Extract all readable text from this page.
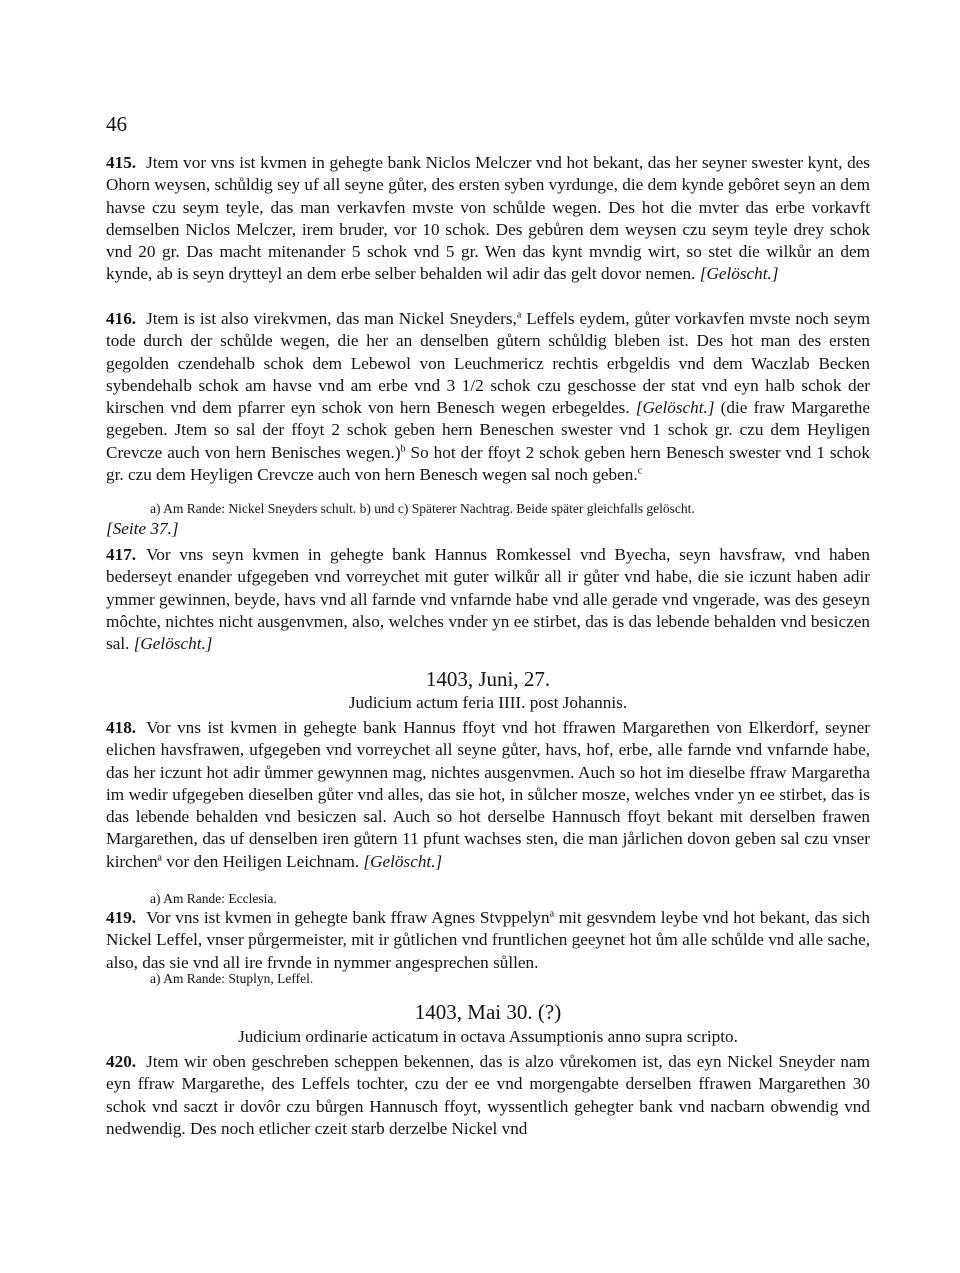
46
415. Jtem vor vns ist kvmen in gehegte bank Niclos Melczer vnd hot bekant, das her seyner swester kynt, des Ohorn weysen, schůldig sey uf all seyne gůter, des ersten syben vyrdunge, die dem kynde gebôret seyn an dem havse czu seym teyle, das man verkavfen mvste von schůlde wegen. Des hot die mvter das erbe vorkavft demselben Niclos Melczer, irem bruder, vor 10 schok. Des gebůren dem weysen czu seym teyle drey schok vnd 20 gr. Das macht mitenander 5 schok vnd 5 gr. Wen das kynt mvndig wirt, so stet die wilkůr an dem kynde, ab is seyn drytteyl an dem erbe selber behalden wil adir das gelt dovor nemen. [Gelöscht.]
416. Jtem is ist also virekvmen, das man Nickel Sneyders,$^a$ Leffels eydem, gůter vorkavfen mvste noch seym tode durch der schůlde wegen, die her an denselben gůtern schůldig bleben ist. Des hot man des ersten gegolden czendehalb schok dem Lebewol von Leuchmericz rechtis erbgeldis vnd dem Waczlab Becken sybendehalb schok am havse vnd am erbe vnd 3 1/2 schok czu geschosse der stat vnd eyn halb schok der kirschen vnd dem pfarrer eyn schok von hern Benesch wegen erbegeldes. [Gelöscht.] (die fraw Margarethe gegeben. Jtem so sal der ffoyt 2 schok geben hern Beneschen swester vnd 1 schok gr. czu dem Heyligen Crevcze auch von hern Benisches wegen.)$^b$ So hot der ffoyt 2 schok geben hern Benesch swester vnd 1 schok gr. czu dem Heyligen Crevcze auch von hern Benesch wegen sal noch geben.$^c$
a) Am Rande: Nickel Sneyders schult. b) und c) Späterer Nachtrag. Beide später gleichfalls gelöscht.
[Seite 37.]
417. Vor vns seyn kvmen in gehegte bank Hannus Romkessel vnd Byecha, seyn havsfraw, vnd haben bederseyt enander ufgegeben vnd vorreychet mit guter wilkůr all ir gůter vnd habe, die sie iczunt haben adir ymmer gewinnen, beyde, havs vnd all farnde vnd vnfarnde habe vnd alle gerade vnd vngerade, was des geseyn môchte, nichtes nicht ausgenvmen, also, welches vnder yn ee stirbet, das is das lebende behalden vnd besiczen sal. [Gelöscht.]
1403, Juni, 27.
Judicium actum feria IIII. post Johannis.
418. Vor vns ist kvmen in gehegte bank Hannus ffoyt vnd hot ffrawen Margarethen von Elkerdorf, seyner elichen havsfrawen, ufgegeben vnd vorreychet all seyne gůter, havs, hof, erbe, alle farnde vnd vnfarnde habe, das her iczunt hot adir ůmmer gewynnen mag, nichtes ausgenvmen. Auch so hot im dieselbe ffraw Margaretha im wedir ufgegeben dieselben gůter vnd alles, das sie hot, in sůlcher mosze, welches vnder yn ee stirbet, das is das lebende behalden vnd besiczen sal. Auch so hot derselbe Hannusch ffoyt bekant mit derselben frawen Margarethen, das uf denselben iren gůtern 11 pfunt wachses sten, die man jårlichen dovon geben sal czu vnser kirchen$^a$ vor den Heiligen Leichnam. [Gelöscht.]
a) Am Rande: Ecclesia.
419. Vor vns ist kvmen in gehegte bank ffraw Agnes Stvppelyn$^a$ mit gesvndem leybe vnd hot bekant, das sich Nickel Leffel, vnser půrgermeister, mit ir gůtlichen vnd fruntlichen geeynet hot ům alle schůlde vnd alle sache, also, das sie vnd all ire frvnde in nymmer angesprechen sůllen.
a) Am Rande: Stuplyn, Leffel.
1403, Mai 30. (?)
Judicium ordinarie acticatum in octava Assumptionis anno supra scripto.
420. Jtem wir oben geschreben scheppen bekennen, das is alzo vůrekomen ist, das eyn Nickel Sneyder nam eyn ffraw Margarethe, des Leffels tochter, czu der ee vnd morgengabte derselben ffrawen Margarethen 30 schok vnd saczt ir dovôr czu bůrgen Hannusch ffoyt, wyssentlich gehegter bank vnd nacbarn obwendig vnd nedwendig. Des noch etlicher czeit starb derzelbe Nickel vnd
